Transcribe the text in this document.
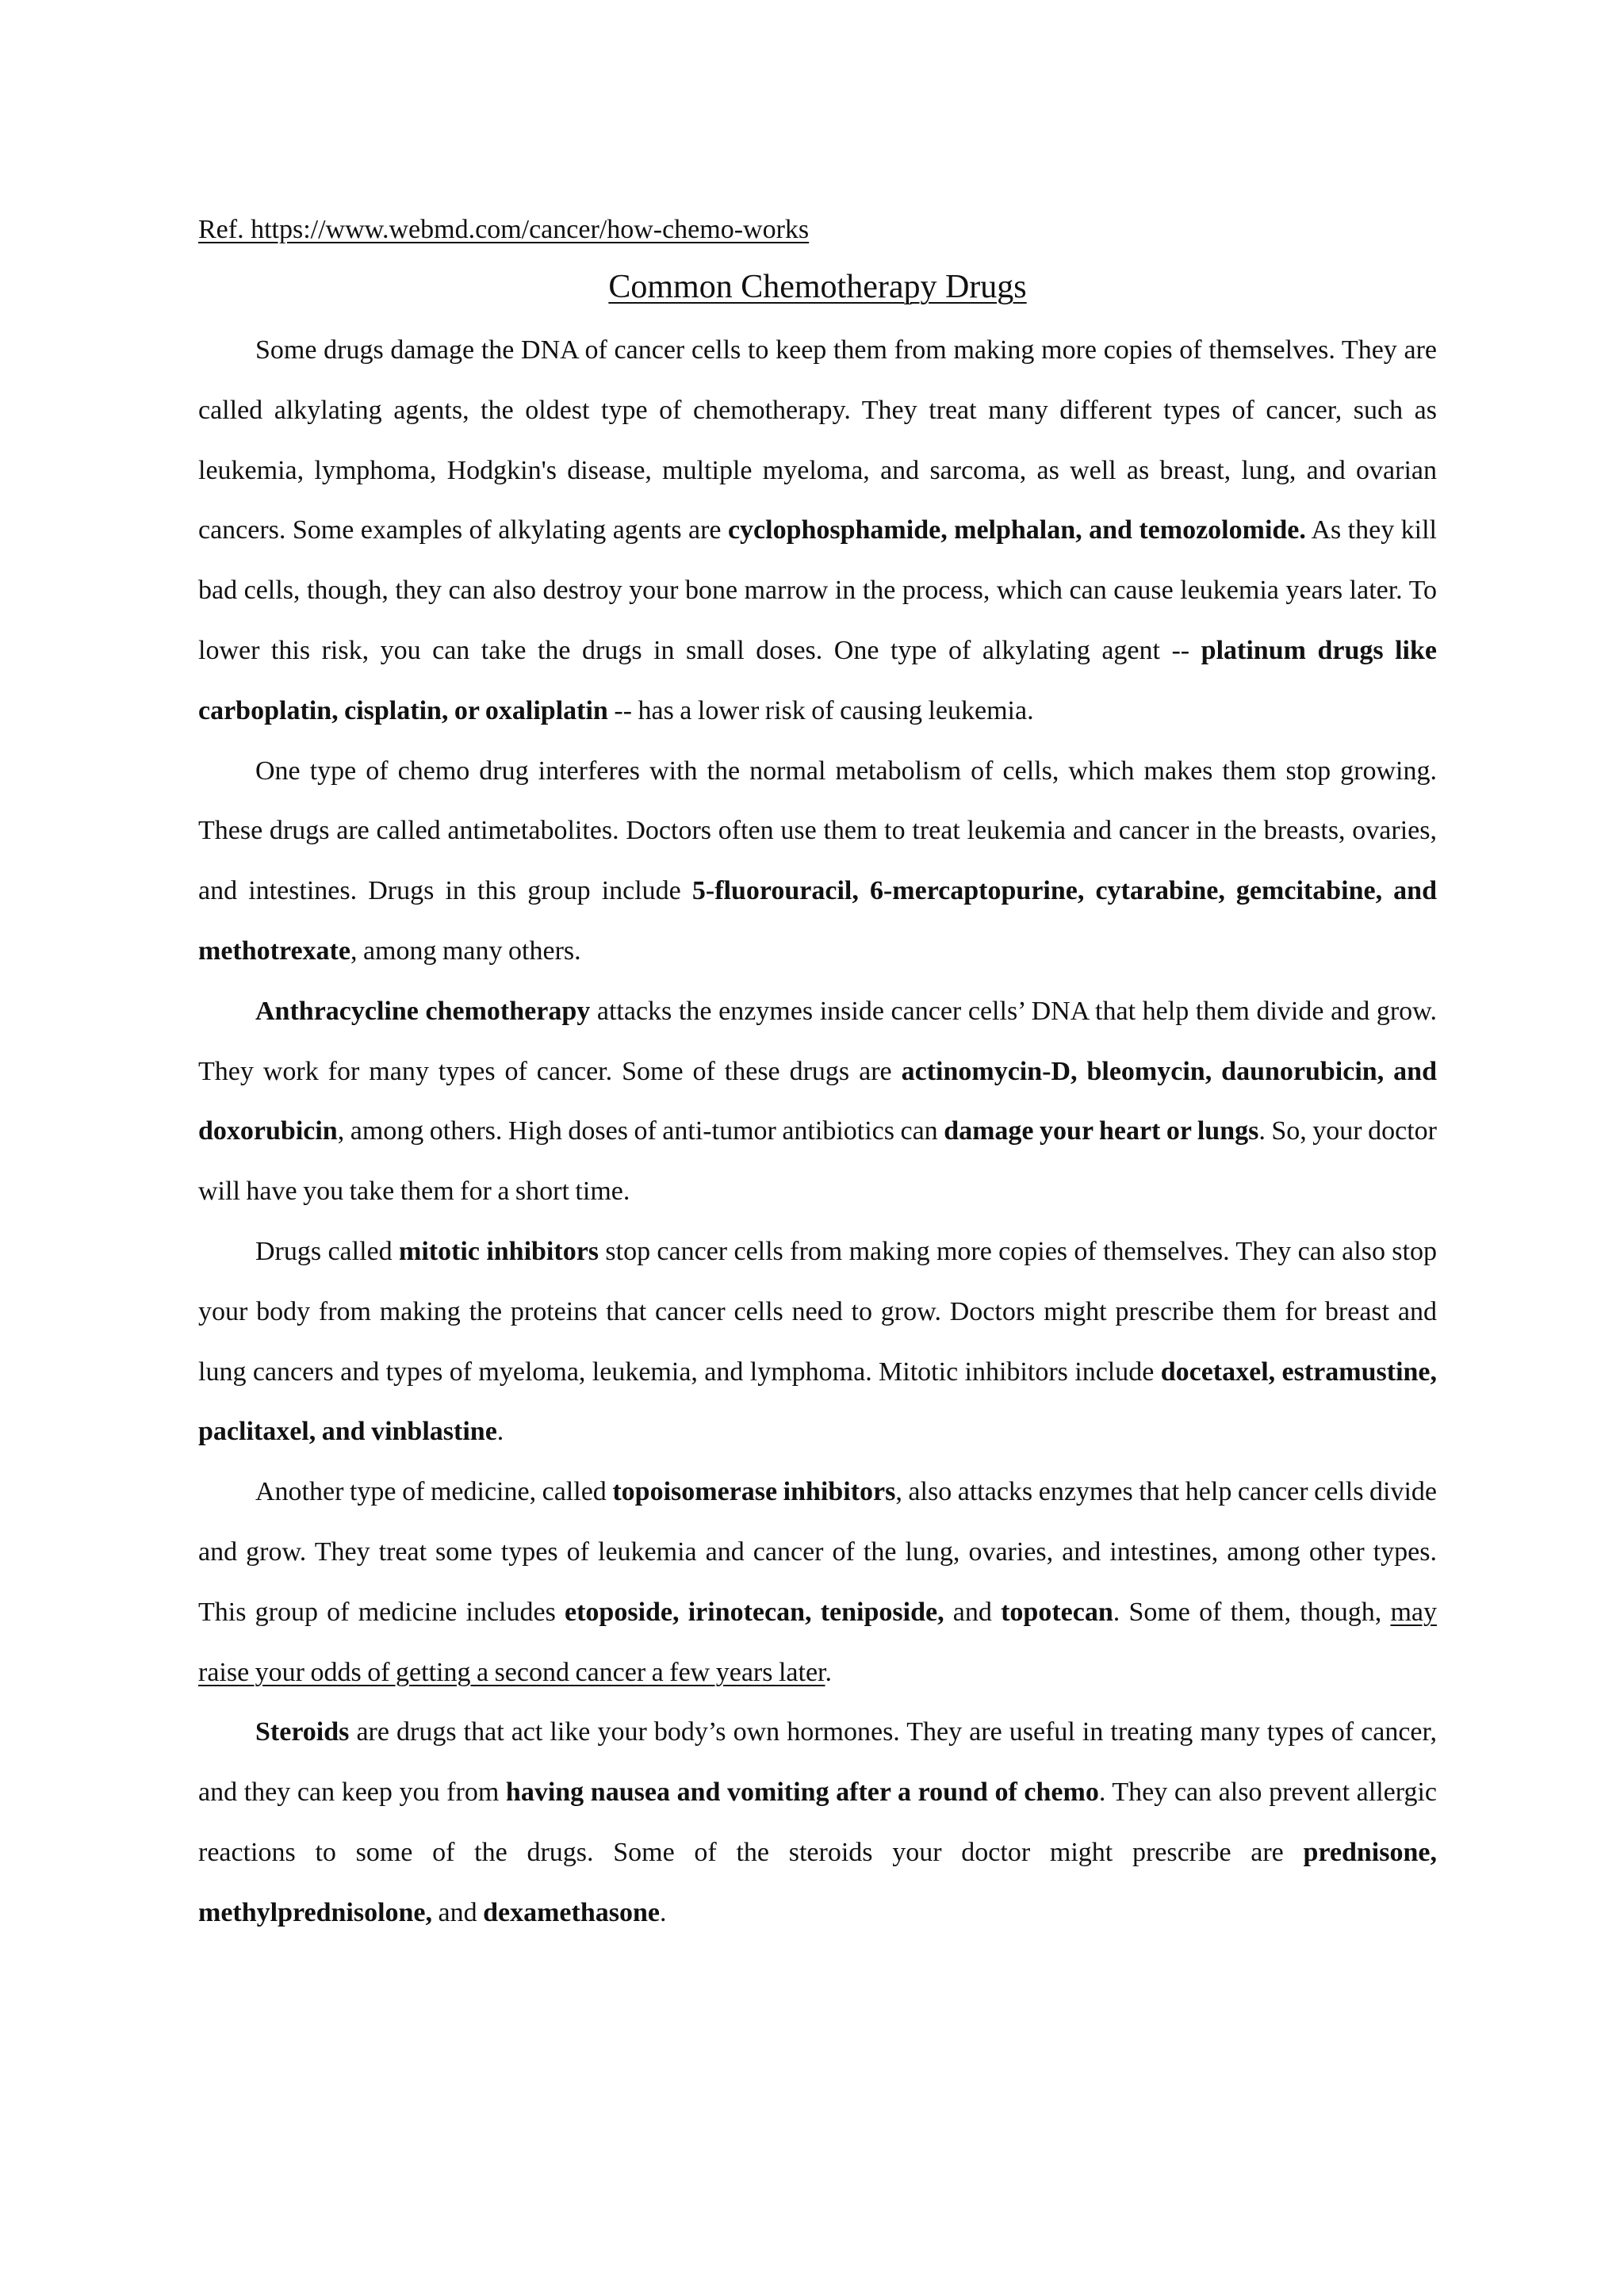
Ref. https://www.webmd.com/cancer/how-chemo-works

Common Chemotherapy Drugs

Some drugs damage the DNA of cancer cells to keep them from making more copies of themselves. They are called alkylating agents, the oldest type of chemotherapy. They treat many different types of cancer, such as leukemia, lymphoma, Hodgkin's disease, multiple myeloma, and sarcoma, as well as breast, lung, and ovarian cancers. Some examples of alkylating agents are cyclophosphamide, melphalan, and temozolomide. As they kill bad cells, though, they can also destroy your bone marrow in the process, which can cause leukemia years later. To lower this risk, you can take the drugs in small doses. One type of alkylating agent -- platinum drugs like carboplatin, cisplatin, or oxaliplatin -- has a lower risk of causing leukemia.

One type of chemo drug interferes with the normal metabolism of cells, which makes them stop growing. These drugs are called antimetabolites. Doctors often use them to treat leukemia and cancer in the breasts, ovaries, and intestines. Drugs in this group include 5-fluorouracil, 6-mercaptopurine, cytarabine, gemcitabine, and methotrexate, among many others.

Anthracycline chemotherapy attacks the enzymes inside cancer cells’ DNA that help them divide and grow. They work for many types of cancer. Some of these drugs are actinomycin-D, bleomycin, daunorubicin, and doxorubicin, among others. High doses of anti-tumor antibiotics can damage your heart or lungs. So, your doctor will have you take them for a short time.

Drugs called mitotic inhibitors stop cancer cells from making more copies of themselves. They can also stop your body from making the proteins that cancer cells need to grow. Doctors might prescribe them for breast and lung cancers and types of myeloma, leukemia, and lymphoma. Mitotic inhibitors include docetaxel, estramustine, paclitaxel, and vinblastine.

Another type of medicine, called topoisomerase inhibitors, also attacks enzymes that help cancer cells divide and grow. They treat some types of leukemia and cancer of the lung, ovaries, and intestines, among other types. This group of medicine includes etoposide, irinotecan, teniposide, and topotecan. Some of them, though, may raise your odds of getting a second cancer a few years later.

Steroids are drugs that act like your body’s own hormones. They are useful in treating many types of cancer, and they can keep you from having nausea and vomiting after a round of chemo. They can also prevent allergic reactions to some of the drugs. Some of the steroids your doctor might prescribe are prednisone, methylprednisolone, and dexamethasone.
